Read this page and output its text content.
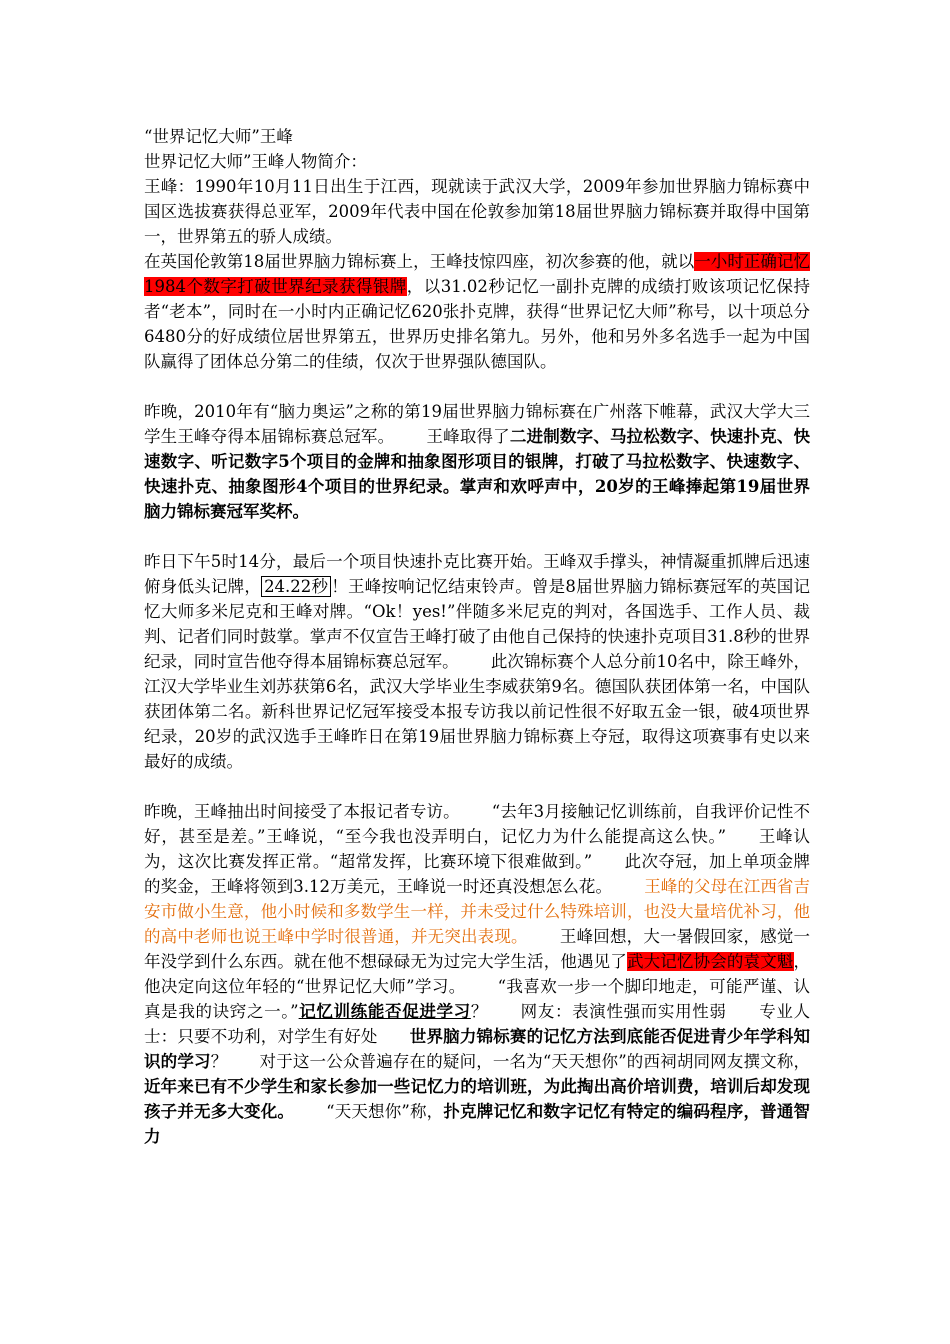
“世界记忆大师”王峰

世界记忆大师”王峰人物简介：

王峰：1990年10月11日出生于江西，现就读于武汉大学，2009年参加世界脑力锦标赛中国区选拔赛获得总亚军，2009年代表中国在伦敦参加第18届世界脑力锦标赛并取得中国第一，世界第五的骄人成绩。

在英国伦敦第18届世界脑力锦标赛上，王峰技惊四座，初次参赛的他，就以一小时正确记忆1984个数字打破世界纪录获得银牌，以31.02秒记忆一副扑克牌的成绩打败该项记忆保持者“老本”，同时在一小时内正确记忆620张扑克牌，获得“世界记忆大师”称号，以十项总分6480分的好成绩位居世界第五，世界历史排名第九。另外，他和另外多名选手一起为中国队赢得了团体总分第二的佳绩，仅次于世界强队德国队。

昨晚，2010年有“脑力奥运”之称的第19届世界脑力锦标赛在广州落下帷幕，武汉大学大三学生王峰夺得本届锦标赛总冠军。 王峰取得了二进制数字、马拉松数字、快速扑克、快速数字、听记数字5个项目的金牌和抽象图形项目的银牌，打破了马拉松数字、快速数字、快速扑克、抽象图形4个项目的世界纪录。掌声和欢呼声中，20岁的王峰捧起第19届世界脑力锦标赛冠军奖杯。

昨日下午5时14分，最后一个项目快速扑克比赛开始。王峰双手撑头，神情凝重抓牌后迅速俯身低头记牌， 24.22秒 ！王峰按响记忆结束铃声。曾是8届世界脑力锦标赛冠军的英国记忆大师多米尼克和王峰对牌。“Ok！yes!”伴随多米尼克的判对，各国选手、工作人员、裁判、记者们同时鼓掌。掌声不仅宣告王峰打破了由他自己保持的快速扑克项目31.8秒的世界纪录，同时宣告他夺得本届锦标赛总冠军。 此次锦标赛个人总分前10名中，除王峰外，江汉大学毕业生刘苏获第6名，武汉大学毕业生李威获第9名。德国队获团体第一名，中国队获团体第二名。新科世界记忆冠军接受本报专访我以前记性很不好取五金一银，破4项世界纪录，20岁的武汉选手王峰昨日在第19届世界脑力锦标赛上夺冠，取得这项赛事有史以来最好的成绩。

昨晚，王峰抽出时间接受了本报记者专访。 “去年3月接触记忆训练前，自我评价记性不好，甚至是差。”王峰说，“至今我也没弄明白，记忆力为什么能提高这么快。” 王峰认为，这次比赛发挥正常。“超常发挥，比赛环境下很难做到。” 此次夺冠，加上单项金牌的奖金，王峰将领到3.12万美元，王峰说一时还真没想怎么花。 王峰的父母在江西省吉安市做小生意，他小时候和多数学生一样，并未受过什么特殊培训，也没大量培优补习，他的高中老师也说王峰中学时很普通，并无突出表现。 王峰回想，大一暑假回家，感觉一年没学到什么东西。就在他不想碌碌无为过完大学生活，他遇见了武大记忆协会的袁文魁，他决定向这位年轻的“世界记忆大师”学习。 “我喜欢一步一个脚印地走，可能严谨、认真是我的诀窍之一。”记忆训练能否促进学习？ 网友：表演性强而实用性弱 专业人士：只要不功利，对学生有好处 世界脑力锦标赛的记忆方法到底能否促进青少年学科知识的学习？ 对于这一公众普遍存在的疑问，一名为“天天想你”的西祠胡同网友撰文称，近年来已有不少学生和家长参加一些记忆力的培训班，为此掏出高价培训费，培训后却发现孩子并无多大变化。 “天天想你”称，扑克牌记忆和数字记忆有特定的编码程序，普通智力
